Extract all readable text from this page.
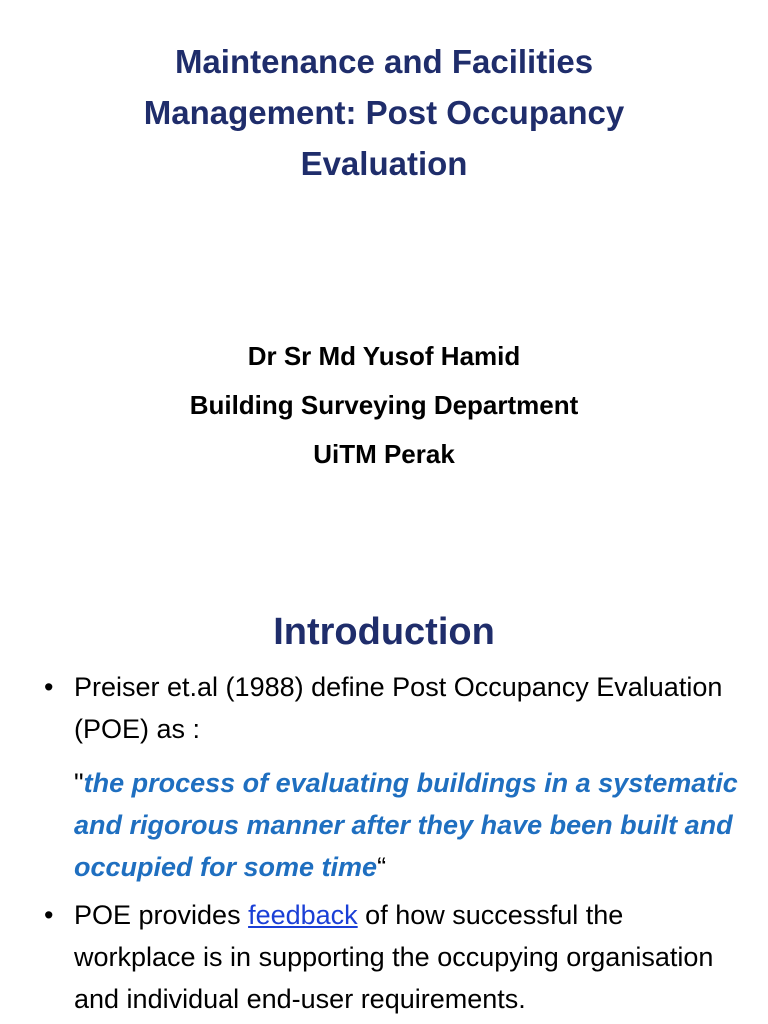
Maintenance and Facilities
Management: Post Occupancy
Evaluation
Dr Sr Md Yusof Hamid
Building Surveying Department
UiTM Perak
Introduction
• Preiser et.al (1988) define Post Occupancy Evaluation (POE) as :
"the process of evaluating buildings in a systematic and rigorous manner after they have been built and occupied for some time“
• POE provides feedback of how successful the workplace is in supporting the occupying organisation and individual end-user requirements.
